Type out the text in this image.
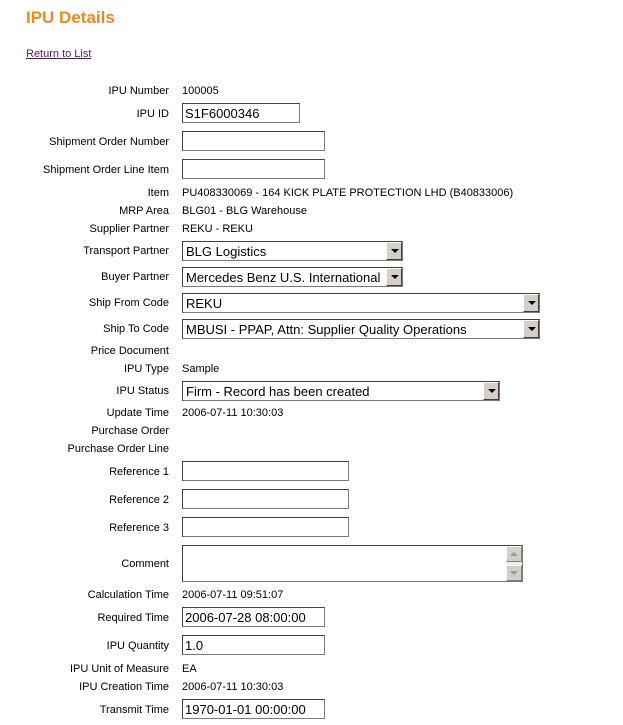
IPU Details
Return to List
IPU Number 100005
IPU ID
S1F6000346
Shipment Order Number
Shipment Order Line Item
Item PU408330069 - 164 KICK PLATE PROTECTION LHD (B40833006)
MRP Area BLG01 - BLG Warehouse
Supplier Partner REKU - REKU
Transport Partner BLG Logistics
Buyer Partner Mercedes Benz U.S. International
Ship From Code REKU
Ship To Code MBUSI - PPAP, Attn: Supplier Quality Operations
Price Document
IPU Type Sample
IPU Status Firm - Record has been created
Update Time 2006-07-11 10:30:03
Purchase Order
Purchase Order Line
Reference 1
Reference 2
Reference 3
Comment
Calculation Time 2006-07-11 09:51:07
Required Time
2006-07-28 08:00:00
IPU Quantity
1.0
IPU Unit of Measure EA
IPU Creation Time 2006-07-11 10:30:03
Transmit Time
1970-01-01 00:00:00
